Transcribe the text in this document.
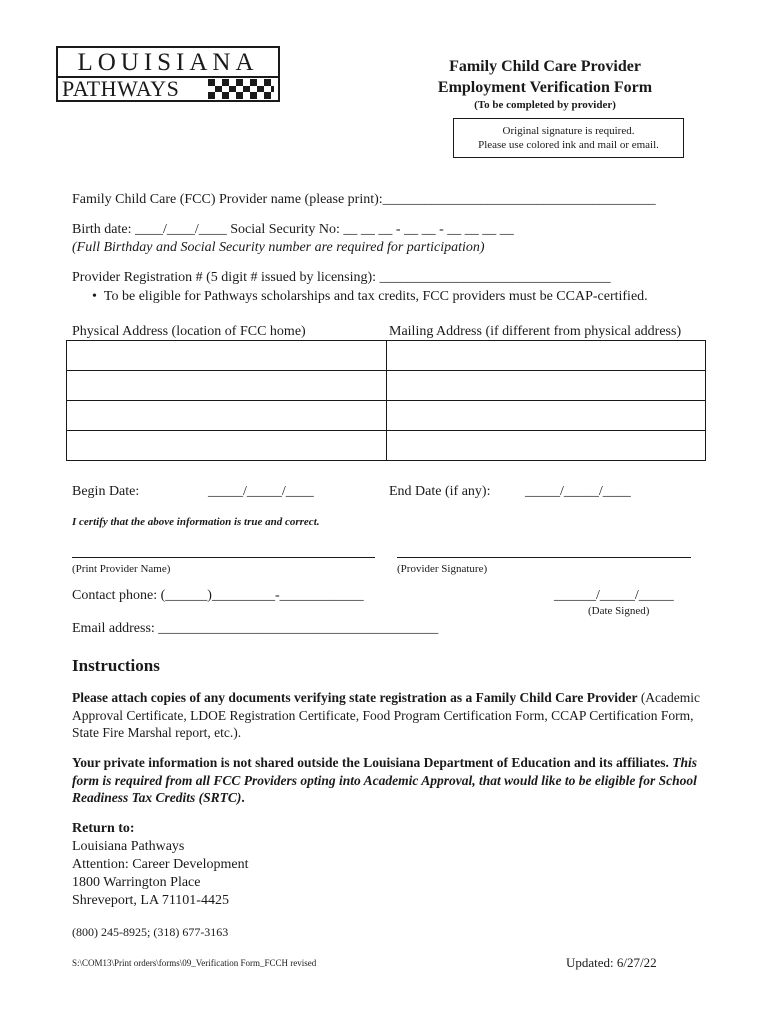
LOUISIANA
PATHWAYS
Family Child Care Provider
Employment Verification Form
(To be completed by provider)
Original signature is required.
Please use colored ink and mail or email.
Family Child Care (FCC) Provider name (please print):_______________________________________
Birth date: ____/____/____ Social Security No: __ __ __ - __ __ - __ __ __ __
(Full Birthday and Social Security number are required for participation)
Provider Registration # (5 digit # issued by licensing): _________________________________
• To be eligible for Pathways scholarships and tax credits, FCC providers must be CCAP-certified.
Physical Address (location of FCC home)	Mailing Address (if different from physical address)

Begin Date:	_____/_____/____	End Date (if any): _____/_____/____
I certify that the above information is true and correct.
(Print Provider Name)	(Provider Signature)
Contact phone: (______)_________-____________	______/_____/_____
(Date Signed)
Email address: ________________________________________
Instructions
Please attach copies of any documents verifying state registration as a Family Child Care Provider (Academic Approval Certificate, LDOE Registration Certificate, Food Program Certification Form, CCAP Certification Form, State Fire Marshal report, etc.).
Your private information is not shared outside the Louisiana Department of Education and its affiliates. This form is required from all FCC Providers opting into Academic Approval, that would like to be eligible for School Readiness Tax Credits (SRTC).
Return to:
Louisiana Pathways
Attention: Career Development
1800 Warrington Place
Shreveport, LA 71101-4425
(800) 245-8925; (318) 677-3163
S:\COM13\Print orders\forms\09_Verification Form_FCCH revised	Updated: 6/27/22
